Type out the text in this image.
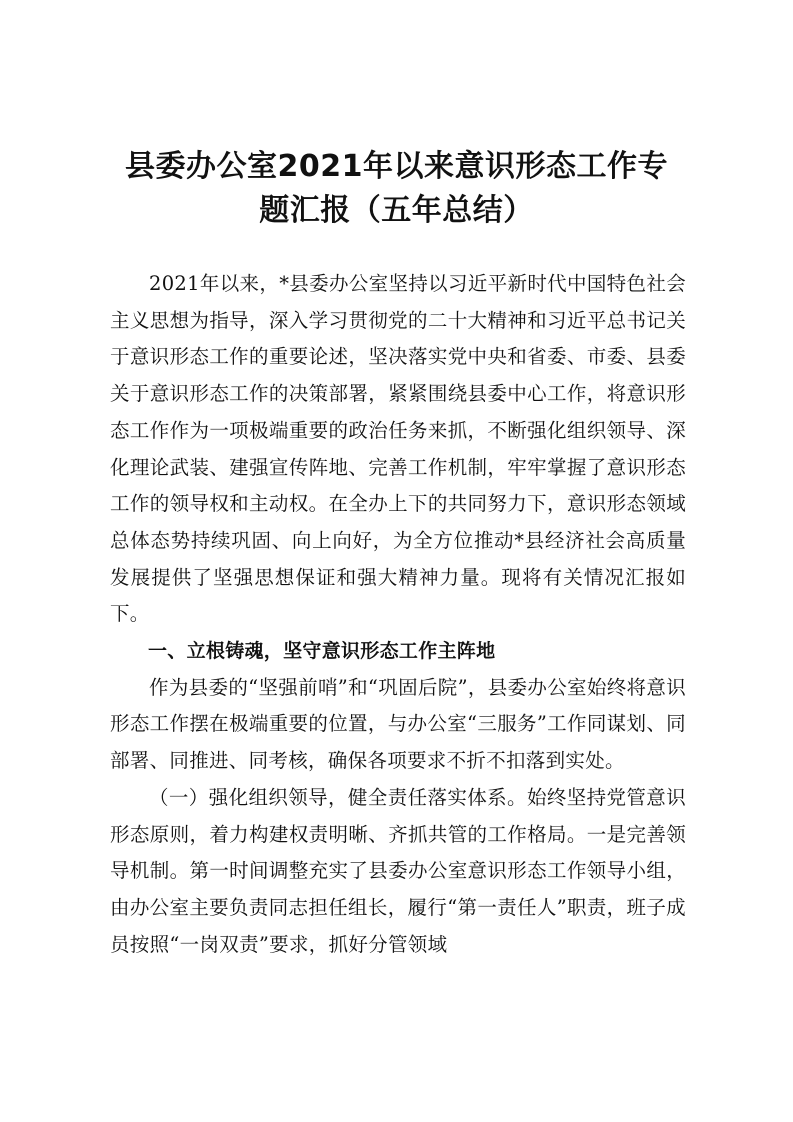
县委办公室2021年以来意识形态工作专
题汇报（五年总结）

2021年以来，*县委办公室坚持以习近平新时代中国特色社会主义思想为指导，深入学习贯彻党的二十大精神和习近平总书记关于意识形态工作的重要论述，坚决落实党中央和省委、市委、县委关于意识形态工作的决策部署，紧紧围绕县委中心工作，将意识形态工作作为一项极端重要的政治任务来抓，不断强化组织领导、深化理论武装、建强宣传阵地、完善工作机制，牢牢掌握了意识形态工作的领导权和主动权。在全办上下的共同努力下，意识形态领域总体态势持续巩固、向上向好，为全方位推动*县经济社会高质量发展提供了坚强思想保证和强大精神力量。现将有关情况汇报如下。

一、立根铸魂，坚守意识形态工作主阵地

作为县委的“坚强前哨”和“巩固后院”，县委办公室始终将意识形态工作摆在极端重要的位置，与办公室“三服务”工作同谋划、同部署、同推进、同考核，确保各项要求不折不扣落到实处。

（一）强化组织领导，健全责任落实体系。始终坚持党管意识形态原则，着力构建权责明晰、齐抓共管的工作格局。一是完善领导机制。第一时间调整充实了县委办公室意识形态工作领导小组，由办公室主要负责同志担任组长，履行“第一责任人”职责，班子成员按照“一岗双责”要求，抓好分管领域
